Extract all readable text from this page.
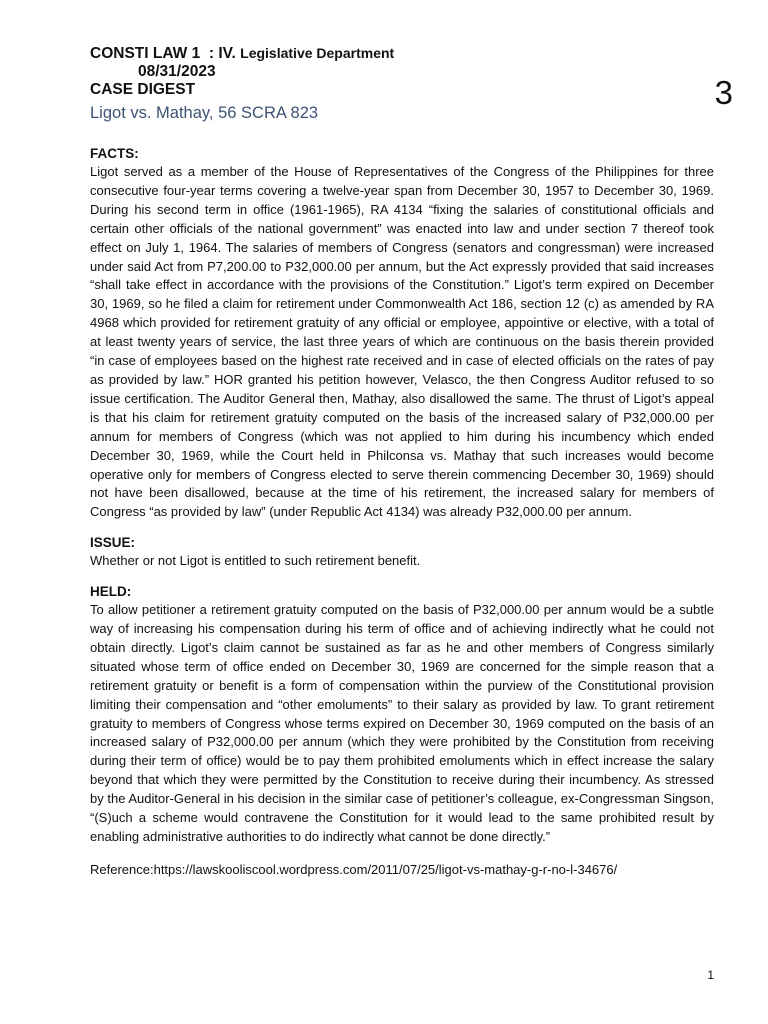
CONSTI LAW 1  : IV. Legislative Department

08/31/2023

CASE DIGEST

Ligot vs. Mathay, 56 SCRA 823

FACTS:

Ligot served as a member of the House of Representatives of the Congress of the Philippines for three consecutive four-year terms covering a twelve-year span from December 30, 1957 to December 30, 1969. During his second term in office (1961-1965), RA 4134 “fixing the salaries of constitutional officials and certain other officials of the national government” was enacted into law and under section 7 thereof took effect on July 1, 1964. The salaries of members of Congress (senators and congressman) were increased under said Act from P7,200.00 to P32,000.00 per annum, but the Act expressly provided that said increases “shall take effect in accordance with the provisions of the Constitution.” Ligot’s term expired on December 30, 1969, so he filed a claim for retirement under Commonwealth Act 186, section 12 (c) as amended by RA 4968 which provided for retirement gratuity of any official or employee, appointive or elective, with a total of at least twenty years of service, the last three years of which are continuous on the basis therein provided “in case of employees based on the highest rate received and in case of elected officials on the rates of pay as provided by law.” HOR granted his petition however, Velasco, the then Congress Auditor refused to so issue certification. The Auditor General then, Mathay, also disallowed the same. The thrust of Ligot’s appeal is that his claim for retirement gratuity computed on the basis of the increased salary of P32,000.00 per annum for members of Congress (which was not applied to him during his incumbency which ended December 30, 1969, while the Court held in Philconsa vs. Mathay that such increases would become operative only for members of Congress elected to serve therein commencing December 30, 1969) should not have been disallowed, because at the time of his retirement, the increased salary for members of Congress “as provided by law” (under Republic Act 4134) was already P32,000.00 per annum.

ISSUE:

Whether or not Ligot is entitled to such retirement benefit.

HELD:

To allow petitioner a retirement gratuity computed on the basis of P32,000.00 per annum would be a subtle way of increasing his compensation during his term of office and of achieving indirectly what he could not obtain directly. Ligot’s claim cannot be sustained as far as he and other members of Congress similarly situated whose term of office ended on December 30, 1969 are concerned for the simple reason that a retirement gratuity or benefit is a form of compensation within the purview of the Constitutional provision limiting their compensation and “other emoluments” to their salary as provided by law. To grant retirement gratuity to members of Congress whose terms expired on December 30, 1969 computed on the basis of an increased salary of P32,000.00 per annum (which they were prohibited by the Constitution from receiving during their term of office) would be to pay them prohibited emoluments which in effect increase the salary beyond that which they were permitted by the Constitution to receive during their incumbency. As stressed by the Auditor-General in his decision in the similar case of petitioner’s colleague, ex-Congressman Singson, “(S)uch a scheme would contravene the Constitution for it would lead to the same prohibited result by enabling administrative authorities to do indirectly what cannot be done directly.”

Reference:https://lawskooliscool.wordpress.com/2011/07/25/ligot-vs-mathay-g-r-no-l-34676/

3
1
